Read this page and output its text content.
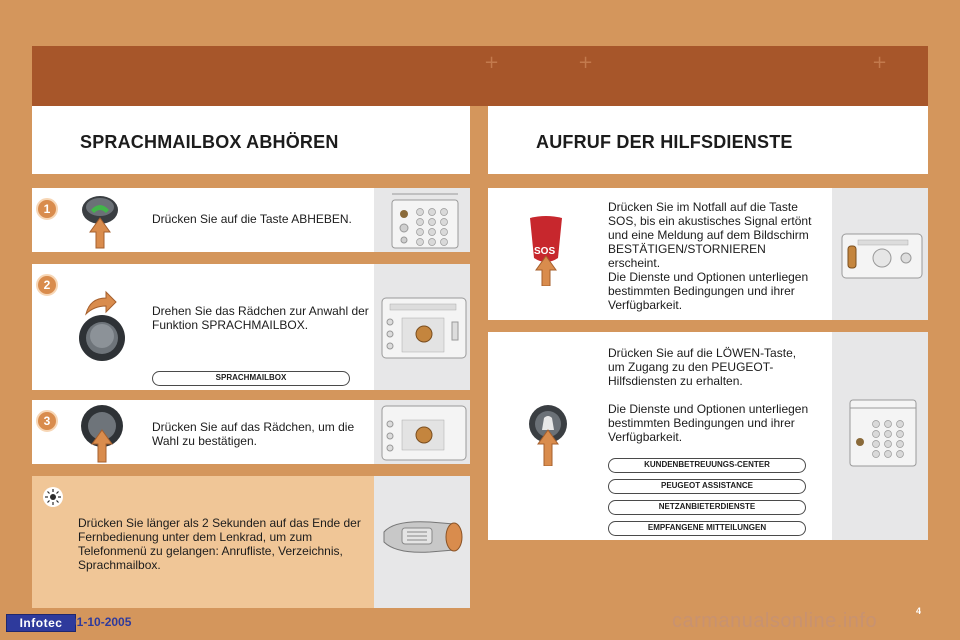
+	+	+
SPRACHMAILBOX ABHÖREN
1
Drücken Sie auf die Taste ABHEBEN.
2
Drehen Sie das Rädchen zur Anwahl der Funktion SPRACHMAILBOX.
SPRACHMAILBOX
3	Drücken Sie auf das Rädchen, um die Wahl zu bestätigen.
Drücken Sie länger als 2 Sekunden auf das Ende der Fernbedienung unter dem Lenkrad, um zum Telefonmenü zu gelangen: Anrufliste, Verzeichnis, Sprachmailbox.
AUFRUF DER HILFSDIENSTE
SOS
Drücken Sie im Notfall auf die Taste
SOS, bis ein akustisches Signal ertönt
und eine Meldung auf dem Bildschirm
BESTÄTIGEN/STORNIEREN
erscheint.
Die Dienste und Optionen unterliegen
bestimmten Bedingungen und ihrer
Verfügbarkeit.
Drücken Sie auf die LÖWEN-Taste,
um Zugang zu den PEUGEOT-
Hilfsdiensten zu erhalten.
Die Dienste und Optionen unterliegen
bestimmten Bedingungen und ihrer
Verfügbarkeit.
KUNDENBETREUUNGS-CENTER
PEUGEOT ASSISTANCE
NETZANBIETERDIENSTE
EMPFANGENE MITTEILUNGEN
Infotec 01-10-2005
4
carmanualsonline.info
